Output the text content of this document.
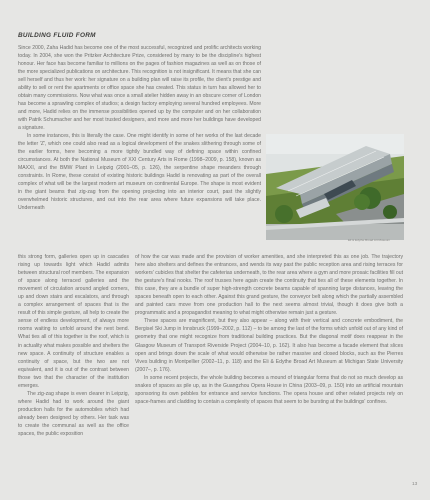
BUILDING FLUID FORM

Since 2000, Zaha Hadid has become one of the most successful, recognized and prolific architects working today. In 2004, she won the Pritzker Architecture Prize, considered by many to be the discipline's highest honour. Her face has become familiar to millions on the pages of fashion magazines as well as on those of the more specialized publications on architecture. This recognition is not insignificant. It means that she can sell herself and thus her work: her signature on a building plan will raise its profile, the client's prestige and ability to sell or rent the apartments or office space she has created. This status in turn has allowed her to obtain many commissions. Now what was once a small atelier hidden away in an obscure corner of London has become a sprawling complex of studios; a design factory employing several hundred employees. More and more, Hadid relies on the immense possibilities opened up by the computer and on her collaboration with Patrik Schumacher and her most trusted designers, and more and more her buildings have developed a signature.

In some instances, this is literally the case. One might identify in some of her works of the last decade the letter 'Z', which one could also read as a logical development of the snakes slithering through some of the earlier forms, here becoming a more tightly bundled way of defining space within confined circumstances. At both the National Museum of XXI Century Arts in Rome (1998–2009, p. 158), known as MAXXI, and the BMW Plant in Leipzig (2001–05, p. 126), the serpentine shape meanders through constraints. In Rome, these consist of existing historic buildings Hadid is renovating as part of the overall complex of what will be the largest modern art museum on continental Europe. The shape is most evident in the giant beams that zig-zag from the opening projecting into an interior court, past the slightly overwhelmed historic structures, and out into the rear area where future expansions will take place. Underneath

Eli & Edythe Broad Art Museum

this strong form, galleries open up in cascades rising up towards light which Hadid admits between structural roof members. The expansion of space along terraced galleries and the movement of circulation around angled corners, up and down stairs and escalators, and through a complex arrangement of spaces that is the result of this simple gesture, all help to create the sense of endless development, of always more rooms waiting to unfold around the next bend. What ties all of this together is the roof, which is in actuality what makes possible and shelters the new space. A continuity of structure enables a continuity of space, but the two are not equivalent, and it is out of the contrast between those two that the character of the institution emerges.

The zig-zag shape is even clearer in Leipzig, where Hadid had to work around the giant production halls for the automobiles which had already been designed by others. Her task was to create the communal as well as the office spaces, the public exposition

of how the car was made and the provision of worker amenities, and she interpreted this as one job. The trajectory here also shelters and defines the entrances, and wends its way past the public reception area and rising terraces for workers' cubicles that shelter the cafeterias underneath, to the rear area where a gym and more prosaic facilities fill out the gesture's final nooks. The roof trusses here again create the continuity that ties all of these elements together. In this case, they are a bundle of super high-strength concrete beams capable of spanning large distances, leaving the spaces beneath open to each other. Against this grand gesture, the conveyor belt along which the partially assembled and painted cars move from one production hall to the next seems almost trivial, though it does give both a programmatic and a propagandist meaning to what might otherwise remain just a gesture.

These spaces are magnificent, but they also appear – along with their vertical and concrete embodiment, the Bergisel Ski Jump in Innsbruck (1999–2002, p. 112) – to be among the last of the forms which unfold out of any kind of geometry that one might recognize from traditional building practices. But the diagonal motif does reappear in the Glasgow Museum of Transport Riverside Project (2004–10, p. 162). It also has become a facade element that slices open and brings down the scale of what would otherwise be rather massive and closed blocks, such as the Pierres Vives building in Montpellier (2002–11, p. 118) and the Eli & Edythe Broad Art Museum at Michigan State University (2007–, p. 176).

In some recent projects, the whole building becomes a mound of triangular forms that do not so much develop as snakes of spaces as pile up, as in the Guangzhou Opera House in China (2003–09, p. 150) into an artificial mountain sponsoring its own pebbles for entrance and service functions. The opera house and other related projects rely on space-frames and cladding to contain a complexity of spaces that seem to be bursting at the buildings' confines.

13
